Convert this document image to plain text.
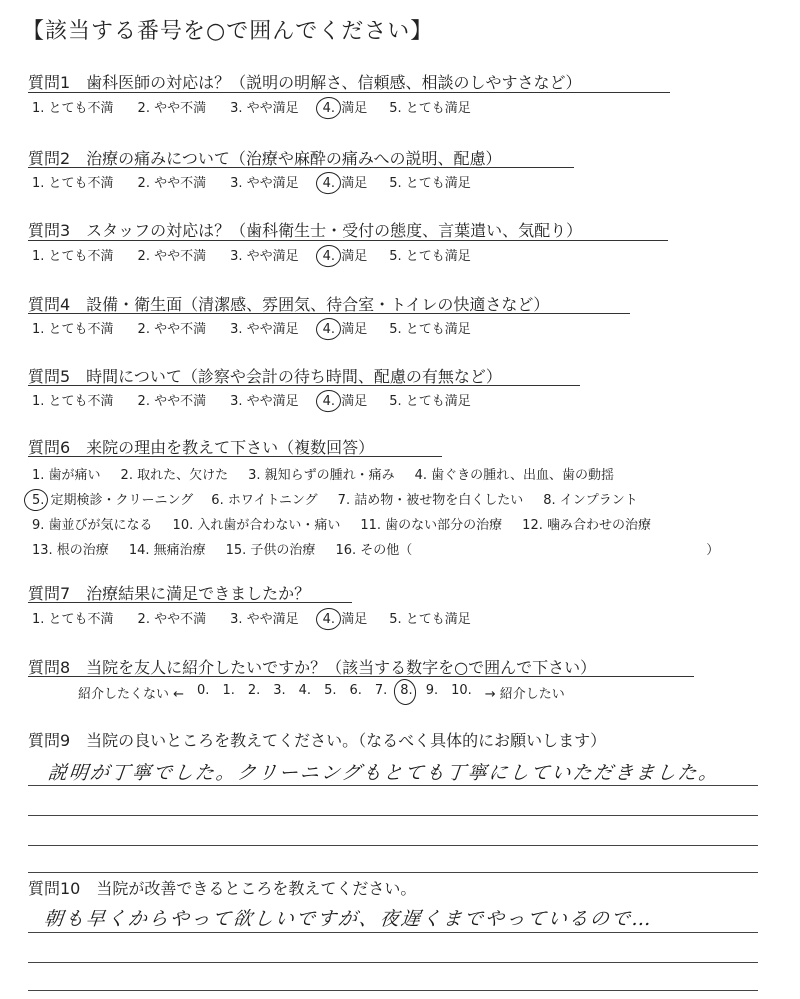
【該当する番号を○で囲んでください】
質問1　歯科医師の対応は？（説明の明解さ、信頼感、相談のしやすさなど）
1. とても不満 2. やや不満 3. やや満足 4. 満足 5. とても満足
質問2　治療の痛みについて（治療や麻酔の痛みへの説明、配慮）
1. とても不満 2. やや不満 3. やや満足 4. 満足 5. とても満足
質問3　スタッフの対応は？（歯科衛生士・受付の態度、言葉遣い、気配り）
1. とても不満 2. やや不満 3. やや満足 4. 満足 5. とても満足
質問4　設備・衛生面（清潔感、雰囲気、待合室・トイレの快適さなど）
1. とても不満 2. やや不満 3. やや満足 4. 満足 5. とても満足
質問5　時間について（診察や会計の待ち時間、配慮の有無など）
1. とても不満 2. やや不満 3. やや満足 4. 満足 5. とても満足
質問6　来院の理由を教えて下さい（複数回答）
1. 歯が痛い 2. 取れた、欠けた 3. 親知らずの腫れ・痛み 4. 歯ぐきの腫れ、出血、歯の動揺
5. 定期検診・クリーニング 6. ホワイトニング 7. 詰め物・被せ物を白くしたい 8. インプラント
9. 歯並びが気になる 10. 入れ歯が合わない・痛い 11. 歯のない部分の治療 12. 噛み合わせの治療
13. 根の治療 14. 無痛治療 15. 子供の治療 16. その他（	）
質問7　治療結果に満足できましたか？
1. とても不満 2. やや不満 3. やや満足 4. 満足 5. とても満足
質問8　当院を友人に紹介したいですか？（該当する数字を○で囲んで下さい）
紹介したくない ← 0. 1. 2. 3. 4. 5. 6. 7. 8. 9. 10. → 紹介したい
質問9　当院の良いところを教えてください。（なるべく具体的にお願いします）
説明が丁寧でした。クリーニングもとても丁寧にしていただきました。
質問10　当院が改善できるところを教えてください。
朝も早くからやって欲しいですが、夜遅くまでやっているので…
